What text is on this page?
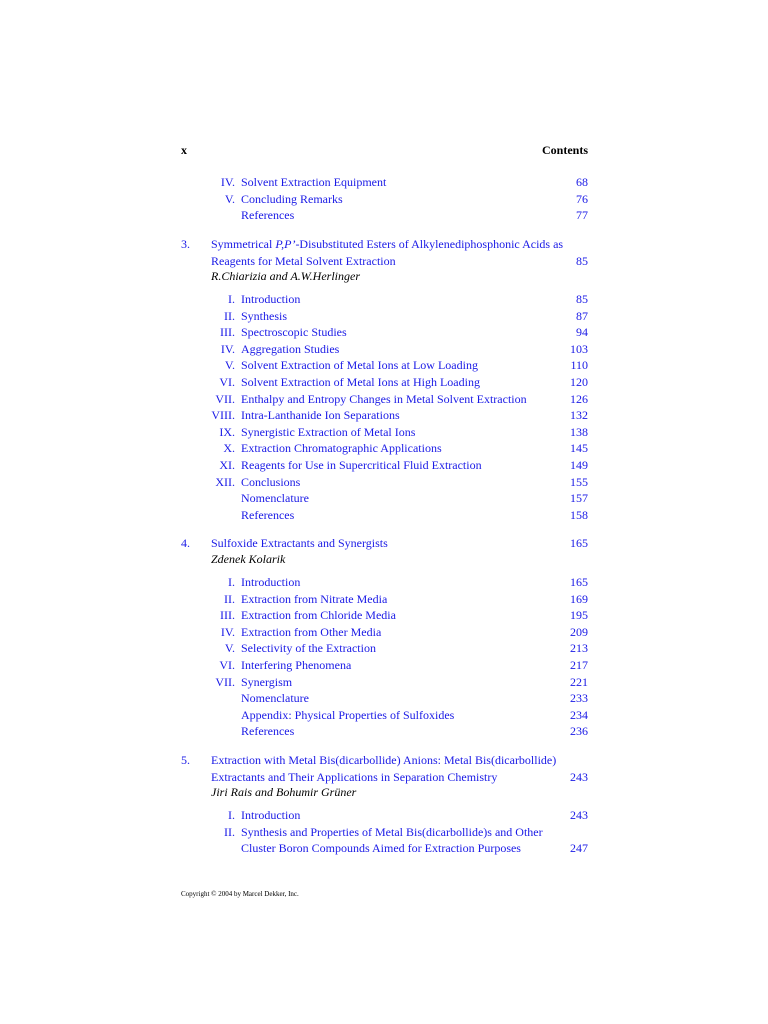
x	Contents
IV. Solvent Extraction Equipment	68
V. Concluding Remarks	76
References	77
3. Symmetrical P,P’-Disubstituted Esters of Alkylenediphosphonic Acids as
Reagents for Metal Solvent Extraction	85
R.Chiarizia and A.W.Herlinger
I. Introduction	85
II. Synthesis	87
III. Spectroscopic Studies	94
IV. Aggregation Studies	103
V. Solvent Extraction of Metal Ions at Low Loading	110
VI. Solvent Extraction of Metal Ions at High Loading	120
VII. Enthalpy and Entropy Changes in Metal Solvent Extraction	126
VIII. Intra-Lanthanide Ion Separations	132
IX. Synergistic Extraction of Metal Ions	138
X. Extraction Chromatographic Applications	145
XI. Reagents for Use in Supercritical Fluid Extraction	149
XII. Conclusions	155
Nomenclature	157
References	158
4. Sulfoxide Extractants and Synergists	165
Zdenek Kolarik
I. Introduction	165
II. Extraction from Nitrate Media	169
III. Extraction from Chloride Media	195
IV. Extraction from Other Media	209
V. Selectivity of the Extraction	213
VI. Interfering Phenomena	217
VII. Synergism	221
Nomenclature	233
Appendix: Physical Properties of Sulfoxides	234
References	236
5. Extraction with Metal Bis(dicarbollide) Anions: Metal Bis(dicarbollide)
Extractants and Their Applications in Separation Chemistry	243
Jiri Rais and Bohumir Grüner
I. Introduction	243
II. Synthesis and Properties of Metal Bis(dicarbollide)s and Other
Cluster Boron Compounds Aimed for Extraction Purposes	247
Copyright © 2004 by Marcel Dekker, Inc.
